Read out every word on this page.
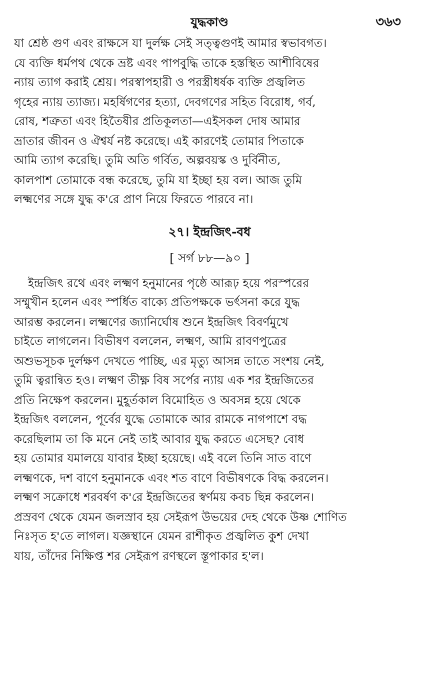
যুদ্ধকাণ্ড	৩৬৩

যা শ্রেষ্ঠ গুণ এবং রাক্ষসে যা দুর্লক্ষ সেই সত্ত্বগুণই আমার স্বভাবগত।
যে ব্যক্তি ধর্মপথ থেকে ভ্রষ্ট এবং পাপবুদ্ধি তাকে হস্তস্থিত আশীবিষের
ন্যায় ত্যাগ করাই শ্রেয়। পরস্বাপহারী ও পরস্ত্রীধর্ষক ব্যক্তি প্রজ্বলিত
গৃহের ন্যায় ত্যাজ্য। মহর্ষিগণের হত্যা, দেবগণের সহিত বিরোধ, গর্ব,
রোষ, শত্রুতা এবং হিতৈষীর প্রতিকূলতা—এইসকল দোষ আমার
ভ্রাতার জীবন ও ঐশ্বর্য নষ্ট করেছে। এই কারণেই তোমার পিতাকে
আমি ত্যাগ করেছি। তুমি অতি গর্বিত, অল্পবয়স্ক ও দুর্বিনীত,
কালপাশ তোমাকে বন্ধ করেছে, তুমি যা ইচ্ছা হয় বল। আজ তুমি
লক্ষ্মণের সঙ্গে যুদ্ধ ক'রে প্রাণ নিয়ে ফিরতে পারবে না।

২৭। ইন্দ্রজিৎ-বধ
[ সর্গ ৮৮—৯০ ]

ইন্দ্রজিৎ রথে এবং লক্ষ্মণ হনুমানের পৃষ্ঠে আরূঢ় হয়ে পরস্পরের
সম্মুখীন হলেন এবং স্পর্ধিত বাক্যে প্রতিপক্ষকে ভর্ৎসনা করে যুদ্ধ
আরম্ভ করলেন। লক্ষ্মণের জ্যানির্ঘোষ শুনে ইন্দ্রজিৎ বিবর্ণমুখে
চাইতে লাগলেন। বিভীষণ বললেন, লক্ষ্মণ, আমি রাবণপুত্রের
অশুভসূচক দুর্লক্ষণ দেখতে পাচ্ছি, এর মৃত্যু আসন্ন তাতে সংশয় নেই,
তুমি ত্বরান্বিত হও। লক্ষ্মণ তীক্ষ্ণ বিষ সর্পের ন্যায় এক শর ইন্দ্রজিতের
প্রতি নিক্ষেপ করলেন। মুহূর্তকাল বিমোহিত ও অবসন্ন হয়ে থেকে
ইন্দ্রজিৎ বললেন, পূর্বের যুদ্ধে তোমাকে আর রামকে নাগপাশে বদ্ধ
করেছিলাম তা কি মনে নেই তাই আবার যুদ্ধ করতে এসেছ? বোধ
হয় তোমার যমালয়ে যাবার ইচ্ছা হয়েছে। এই বলে তিনি সাত বাণে
লক্ষ্মণকে, দশ বাণে হনুমানকে এবং শত বাণে বিভীষণকে বিদ্ধ করলেন।
লক্ষ্মণ সক্রোধে শরবর্ষণ ক'রে ইন্দ্রজিতের স্বর্ণময় কবচ ছিন্ন করলেন।
প্রস্রবণ থেকে যেমন জলস্রাব হয় সেইরূপ উভয়ের দেহ থেকে উষ্ণ শোণিত
নিঃসৃত হ'তে লাগল। যজ্ঞস্থানে যেমন রাশীকৃত প্রজ্বলিত কুশ দেখা
যায়, তাঁদের নিক্ষিপ্ত শর সেইরূপ রণস্থলে স্তূপাকার হ'ল।
